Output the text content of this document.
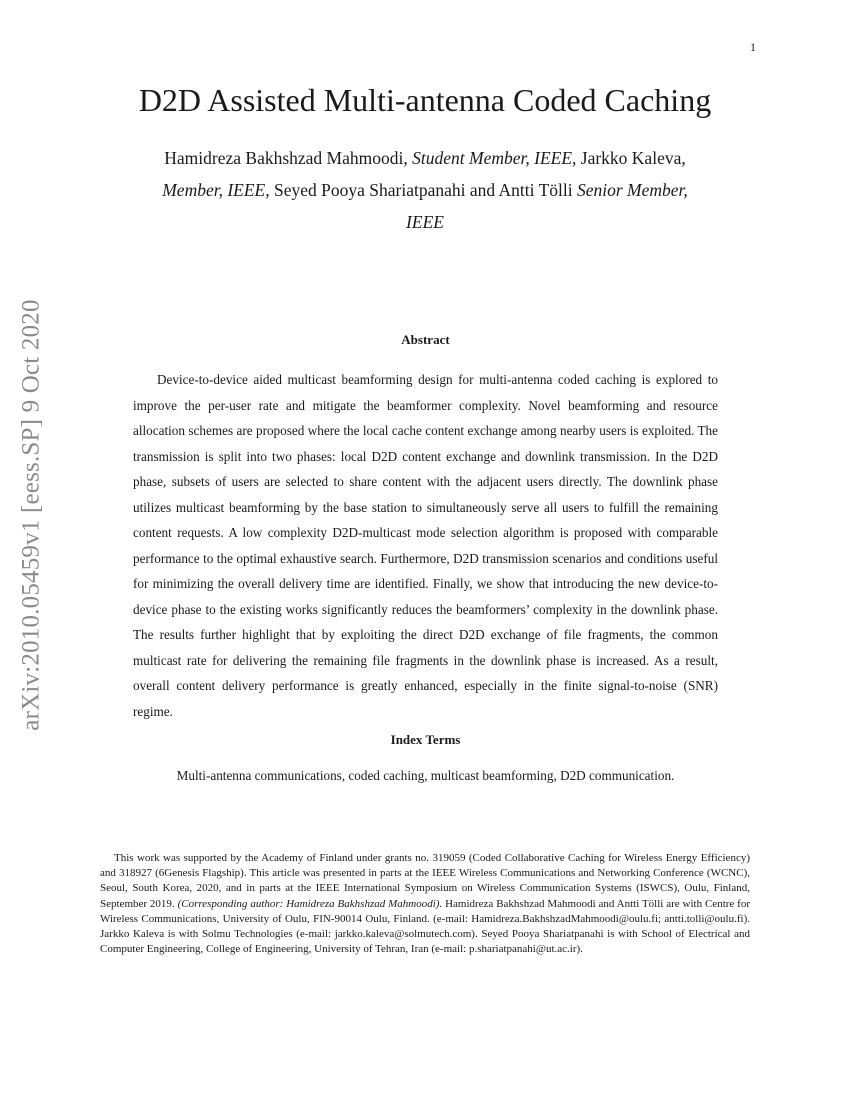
1
arXiv:2010.05459v1 [eess.SP] 9 Oct 2020
D2D Assisted Multi-antenna Coded Caching
Hamidreza Bakhshzad Mahmoodi, Student Member, IEEE, Jarkko Kaleva, Member, IEEE, Seyed Pooya Shariatpanahi and Antti Tölli Senior Member, IEEE
Abstract

Device-to-device aided multicast beamforming design for multi-antenna coded caching is explored to improve the per-user rate and mitigate the beamformer complexity. Novel beamforming and resource allocation schemes are proposed where the local cache content exchange among nearby users is exploited. The transmission is split into two phases: local D2D content exchange and downlink transmission. In the D2D phase, subsets of users are selected to share content with the adjacent users directly. The downlink phase utilizes multicast beamforming by the base station to simultaneously serve all users to fulfill the remaining content requests. A low complexity D2D-multicast mode selection algorithm is proposed with comparable performance to the optimal exhaustive search. Furthermore, D2D transmission scenarios and conditions useful for minimizing the overall delivery time are identified. Finally, we show that introducing the new device-to-device phase to the existing works significantly reduces the beamformers’ complexity in the downlink phase. The results further highlight that by exploiting the direct D2D exchange of file fragments, the common multicast rate for delivering the remaining file fragments in the downlink phase is increased. As a result, overall content delivery performance is greatly enhanced, especially in the finite signal-to-noise (SNR) regime.

Index Terms
Multi-antenna communications, coded caching, multicast beamforming, D2D communication.

This work was supported by the Academy of Finland under grants no. 319059 (Coded Collaborative Caching for Wireless Energy Efficiency) and 318927 (6Genesis Flagship). This article was presented in parts at the IEEE Wireless Communications and Networking Conference (WCNC), Seoul, South Korea, 2020, and in parts at the IEEE International Symposium on Wireless Communication Systems (ISWCS), Oulu, Finland, September 2019. (Corresponding author: Hamidreza Bakhshzad Mahmoodi). Hamidreza Bakhshzad Mahmoodi and Antti Tölli are with Centre for Wireless Communications, University of Oulu, FIN-90014 Oulu, Finland. (e-mail: Hamidreza.BakhshzadMahmoodi@oulu.fi; antti.tolli@oulu.fi). Jarkko Kaleva is with Solmu Technologies (e-mail: jarkko.kaleva@solmutech.com). Seyed Pooya Shariatpanahi is with School of Electrical and Computer Engineering, College of Engineering, University of Tehran, Iran (e-mail: p.shariatpanahi@ut.ac.ir).
